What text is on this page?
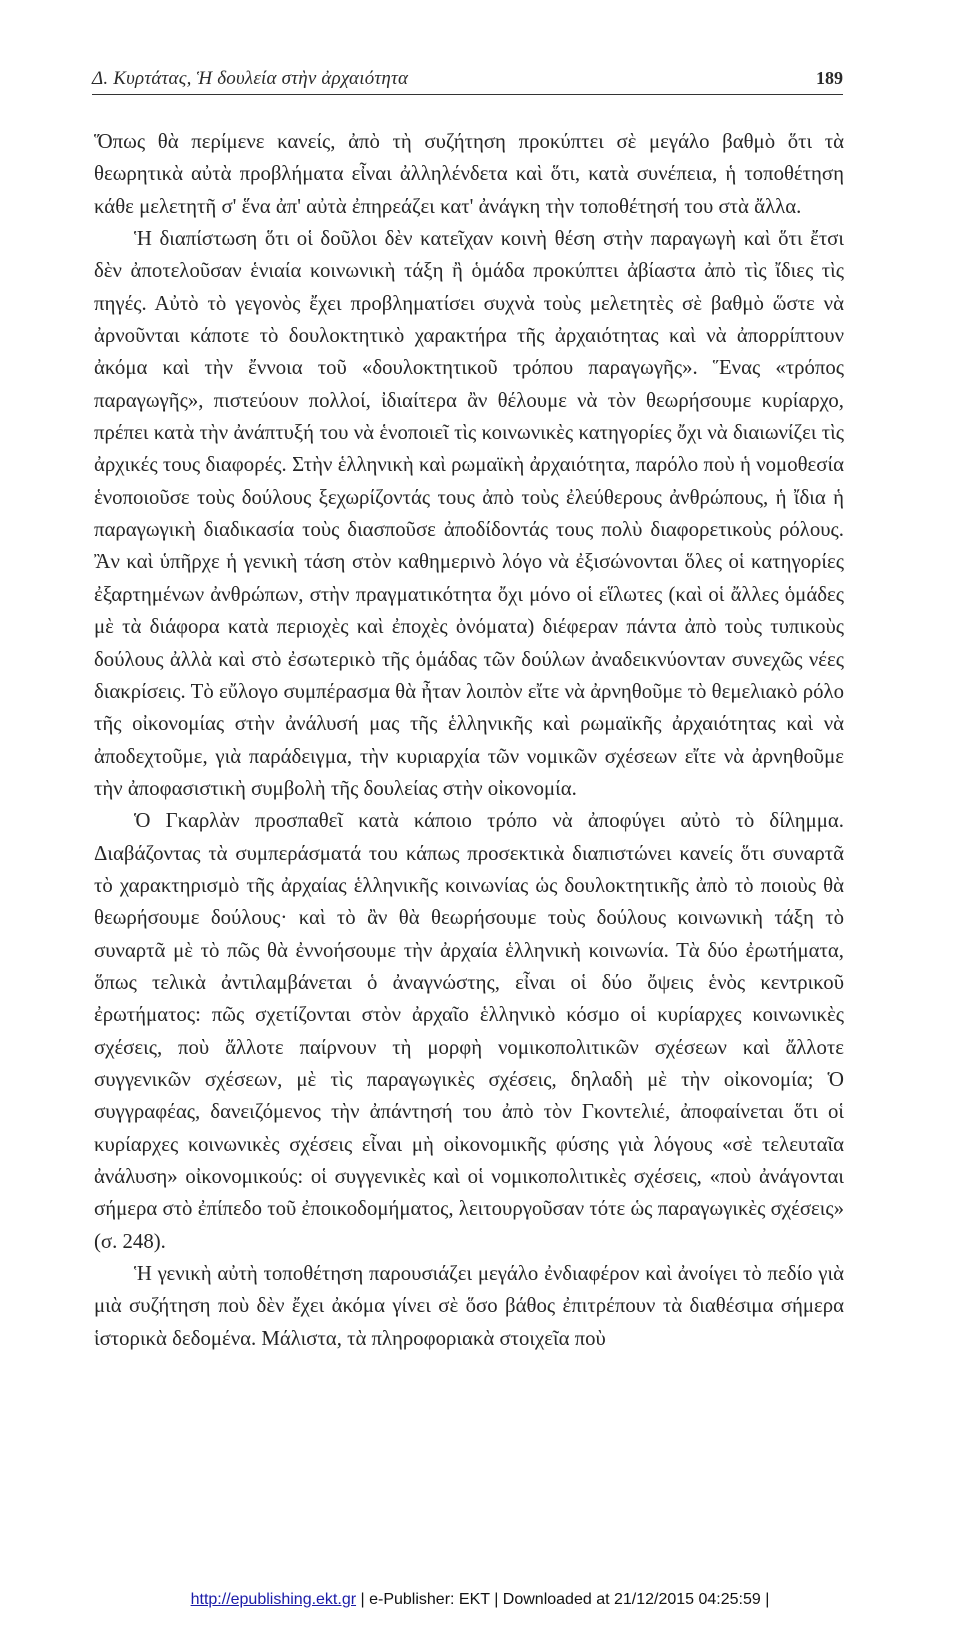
Δ. Κυρτάτας, Ἡ δουλεία στὴν ἀρχαιότητα	189

Ὅπως θὰ περίμενε κανείς, ἀπὸ τὴ συζήτηση προκύπτει σὲ μεγάλο βαθμὸ ὅτι τὰ θεωρητικὰ αὐτὰ προβλήματα εἶναι ἀλληλένδετα καὶ ὅτι, κατὰ συνέπεια, ἡ τοποθέτηση κάθε μελετητῆ σ' ἕνα ἀπ' αὐτὰ ἐπηρεάζει κατ' ἀνάγκη τὴν τοποθέτησή του στὰ ἄλλα.

Ἡ διαπίστωση ὅτι οἱ δοῦλοι δὲν κατεῖχαν κοινὴ θέση στὴν παραγωγὴ καὶ ὅτι ἔτσι δὲν ἀποτελοῦσαν ἑνιαία κοινωνικὴ τάξη ἢ ὁμάδα προκύπτει ἀβίαστα ἀπὸ τὶς ἴδιες τὶς πηγές. Αὐτὸ τὸ γεγονὸς ἔχει προβληματίσει συχνὰ τοὺς μελετητὲς σὲ βαθμὸ ὥστε νὰ ἀρνοῦνται κάποτε τὸ δουλοκτητικὸ χαρακτήρα τῆς ἀρχαιότητας καὶ νὰ ἀπορρίπτουν ἀκόμα καὶ τὴν ἔννοια τοῦ «δουλοκτητικοῦ τρόπου παραγωγῆς». Ἕνας «τρόπος παραγωγῆς», πιστεύουν πολλοί, ἰδιαίτερα ἂν θέλουμε νὰ τὸν θεωρήσουμε κυρίαρχο, πρέπει κατὰ τὴν ἀνάπτυξή του νὰ ἑνοποιεῖ τὶς κοινωνικὲς κατηγορίες ὄχι νὰ διαιωνίζει τὶς ἀρχικές τους διαφορές. Στὴν ἑλληνικὴ καὶ ρωμαϊκὴ ἀρχαιότητα, παρόλο ποὺ ἡ νομοθεσία ἑνοποιοῦσε τοὺς δούλους ξεχωρίζοντάς τους ἀπὸ τοὺς ἐλεύθερους ἀνθρώπους, ἡ ἴδια ἡ παραγωγικὴ διαδικασία τοὺς διασποῦσε ἀποδίδοντάς τους πολὺ διαφορετικοὺς ρόλους. Ἂν καὶ ὑπῆρχε ἡ γενικὴ τάση στὸν καθημερινὸ λόγο νὰ ἐξισώνονται ὅλες οἱ κατηγορίες ἐξαρτημένων ἀνθρώπων, στὴν πραγματικότητα ὄχι μόνο οἱ εἵλωτες (καὶ οἱ ἄλλες ὁμάδες μὲ τὰ διάφορα κατὰ περιοχὲς καὶ ἐποχὲς ὀνόματα) διέφεραν πάντα ἀπὸ τοὺς τυπικοὺς δούλους ἀλλὰ καὶ στὸ ἐσωτερικὸ τῆς ὁμάδας τῶν δούλων ἀναδεικνύονταν συνεχῶς νέες διακρίσεις. Τὸ εὔλογο συμπέρασμα θὰ ἦταν λοιπὸν εἴτε νὰ ἀρνηθοῦμε τὸ θεμελιακὸ ρόλο τῆς οἰκονομίας στὴν ἀνάλυσή μας τῆς ἑλληνικῆς καὶ ρωμαϊκῆς ἀρχαιότητας καὶ νὰ ἀποδεχτοῦμε, γιὰ παράδειγμα, τὴν κυριαρχία τῶν νομικῶν σχέσεων εἴτε νὰ ἀρνηθοῦμε τὴν ἀποφασιστικὴ συμβολὴ τῆς δουλείας στὴν οἰκονομία.

Ὁ Γκαρλὰν προσπαθεῖ κατὰ κάποιο τρόπο νὰ ἀποφύγει αὐτὸ τὸ δίλημμα. Διαβάζοντας τὰ συμπεράσματά του κάπως προσεκτικὰ διαπιστώνει κανείς ὅτι συναρτᾶ τὸ χαρακτηρισμὸ τῆς ἀρχαίας ἑλληνικῆς κοινωνίας ὡς δουλοκτητικῆς ἀπὸ τὸ ποιοὺς θὰ θεωρήσουμε δούλους· καὶ τὸ ἂν θὰ θεωρήσουμε τοὺς δούλους κοινωνικὴ τάξη τὸ συναρτᾶ μὲ τὸ πῶς θὰ ἐννοήσουμε τὴν ἀρχαία ἑλληνικὴ κοινωνία. Τὰ δύο ἐρωτήματα, ὅπως τελικὰ ἀντιλαμβάνεται ὁ ἀναγνώστης, εἶναι οἱ δύο ὄψεις ἑνὸς κεντρικοῦ ἐρωτήματος: πῶς σχετίζονται στὸν ἀρχαῖο ἑλληνικὸ κόσμο οἱ κυρίαρχες κοινωνικὲς σχέσεις, ποὺ ἄλλοτε παίρνουν τὴ μορφὴ νομικοπολιτικῶν σχέσεων καὶ ἄλλοτε συγγενικῶν σχέσεων, μὲ τὶς παραγωγικὲς σχέσεις, δηλαδὴ μὲ τὴν οἰκονομία; Ὁ συγγραφέας, δανειζόμενος τὴν ἀπάντησή του ἀπὸ τὸν Γκοντελιέ, ἀποφαίνεται ὅτι οἱ κυρίαρχες κοινωνικὲς σχέσεις εἶναι μὴ οἰκονομικῆς φύσης γιὰ λόγους «σὲ τελευταῖα ἀνάλυση» οἰκονομικούς: οἱ συγγενικὲς καὶ οἱ νομικοπολιτικὲς σχέσεις, «ποὺ ἀνάγονται σήμερα στὸ ἐπίπεδο τοῦ ἐποικοδομήματος, λειτουργοῦσαν τότε ὡς παραγωγικὲς σχέσεις» (σ. 248).

Ἡ γενικὴ αὐτὴ τοποθέτηση παρουσιάζει μεγάλο ἐνδιαφέρον καὶ ἀνοίγει τὸ πεδίο γιὰ μιὰ συζήτηση ποὺ δὲν ἔχει ἀκόμα γίνει σὲ ὅσο βάθος ἐπιτρέπουν τὰ διαθέσιμα σήμερα ἱστορικὰ δεδομένα. Μάλιστα, τὰ πληροφοριακὰ στοιχεῖα ποὺ

http://epublishing.ekt.gr | e-Publisher: EKT | Downloaded at 21/12/2015 04:25:59 |
